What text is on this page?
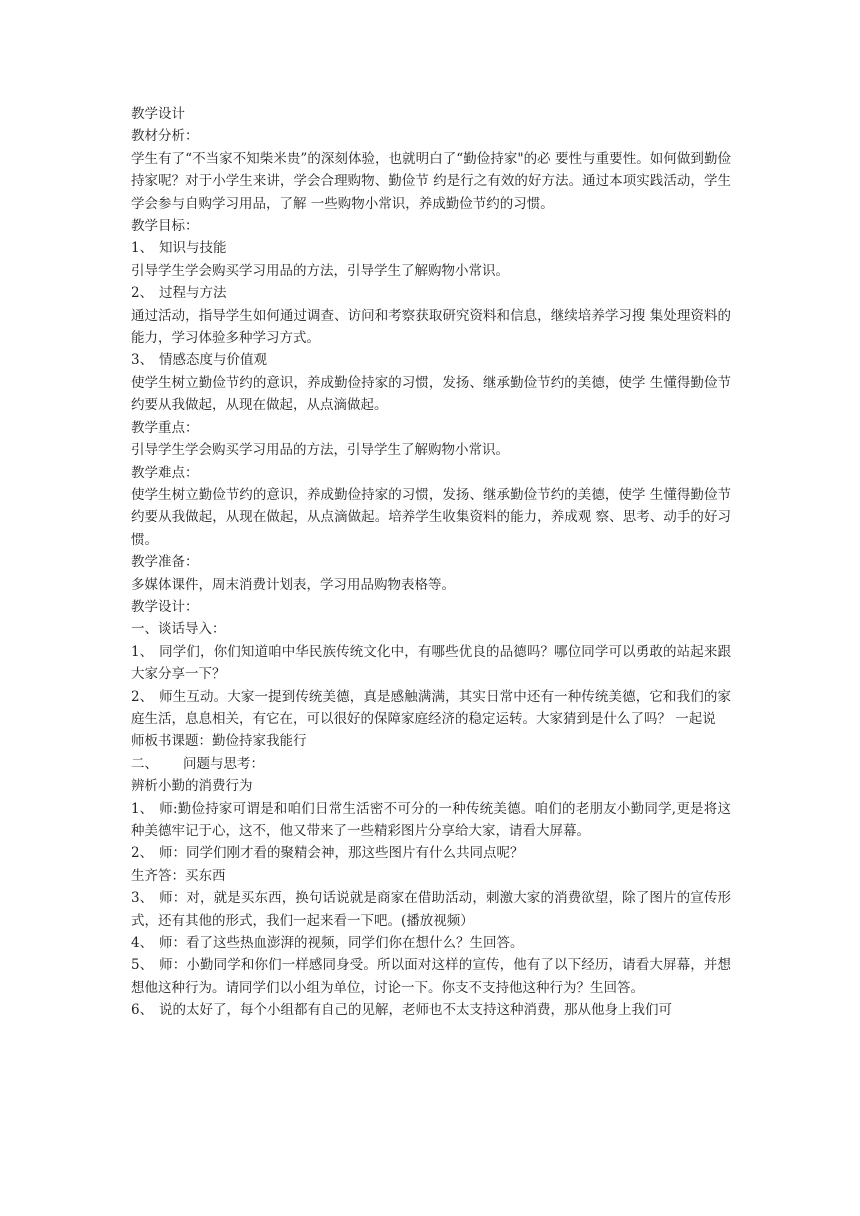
教学设计

教材分析：

学生有了“不当家不知柴米贵”的深刻体验，也就明白了“勤俭持家"的必 要性与重要性。如何做到勤俭持家呢？对于小学生来讲，学会合理购物、勤俭节 约是行之有效的好方法。通过本项实践活动，学生学会参与自购学习用品，了解 一些购物小常识，养成勤俭节约的习惯。

教学目标：

1、 知识与技能

引导学生学会购买学习用品的方法，引导学生了解购物小常识。

2、 过程与方法

通过活动，指导学生如何通过调查、访问和考察获取研究资料和信息，继续培养学习搜 集处理资料的能力，学习体验多种学习方式。

3、 情感态度与价值观

使学生树立勤俭节约的意识，养成勤俭持家的习惯，发扬、继承勤俭节约的美德，使学 生懂得勤俭节约要从我做起，从现在做起，从点滴做起。

教学重点：

引导学生学会购买学习用品的方法，引导学生了解购物小常识。

教学难点：

使学生树立勤俭节约的意识，养成勤俭持家的习惯，发扬、继承勤俭节约的美德，使学 生懂得勤俭节约要从我做起，从现在做起，从点滴做起。培养学生收集资料的能力，养成观 察、思考、动手的好习惯。

教学准备：

多媒体课件，周末消费计划表，学习用品购物表格等。

教学设计：

一、谈话导入：

1、 同学们，你们知道咱中华民族传统文化中，有哪些优良的品德吗？哪位同学可以勇敢的站起来跟大家分享一下？

2、 师生互动。大家一提到传统美德，真是感触满满，其实日常中还有一种传统美德，它和我们的家庭生活，息息相关，有它在，可以很好的保障家庭经济的稳定运转。大家猜到是什么了吗？ 一起说

师板书课题：勤俭持家我能行

二、 问题与思考：

辨析小勤的消费行为

1、 师:勤俭持家可谓是和咱们日常生活密不可分的一种传统美德。咱们的老朋友小勤同学,更是将这种美德牢记于心，这不，他又带来了一些精彩图片分享给大家，请看大屏幕。

2、 师：同学们刚才看的聚精会神，那这些图片有什么共同点呢？

生齐答：买东西

3、 师：对，就是买东西，换句话说就是商家在借助活动，刺激大家的消费欲望，除了图片的宣传形式，还有其他的形式，我们一起来看一下吧。(播放视频）

4、 师：看了这些热血澎湃的视频，同学们你在想什么？生回答。

5、 师：小勤同学和你们一样感同身受。所以面对这样的宣传，他有了以下经历，请看大屏幕，并想想他这种行为。请同学们以小组为单位，讨论一下。你支不支持他这种行为？生回答。

6、 说的太好了，每个小组都有自己的见解，老师也不太支持这种消费，那从他身上我们可
